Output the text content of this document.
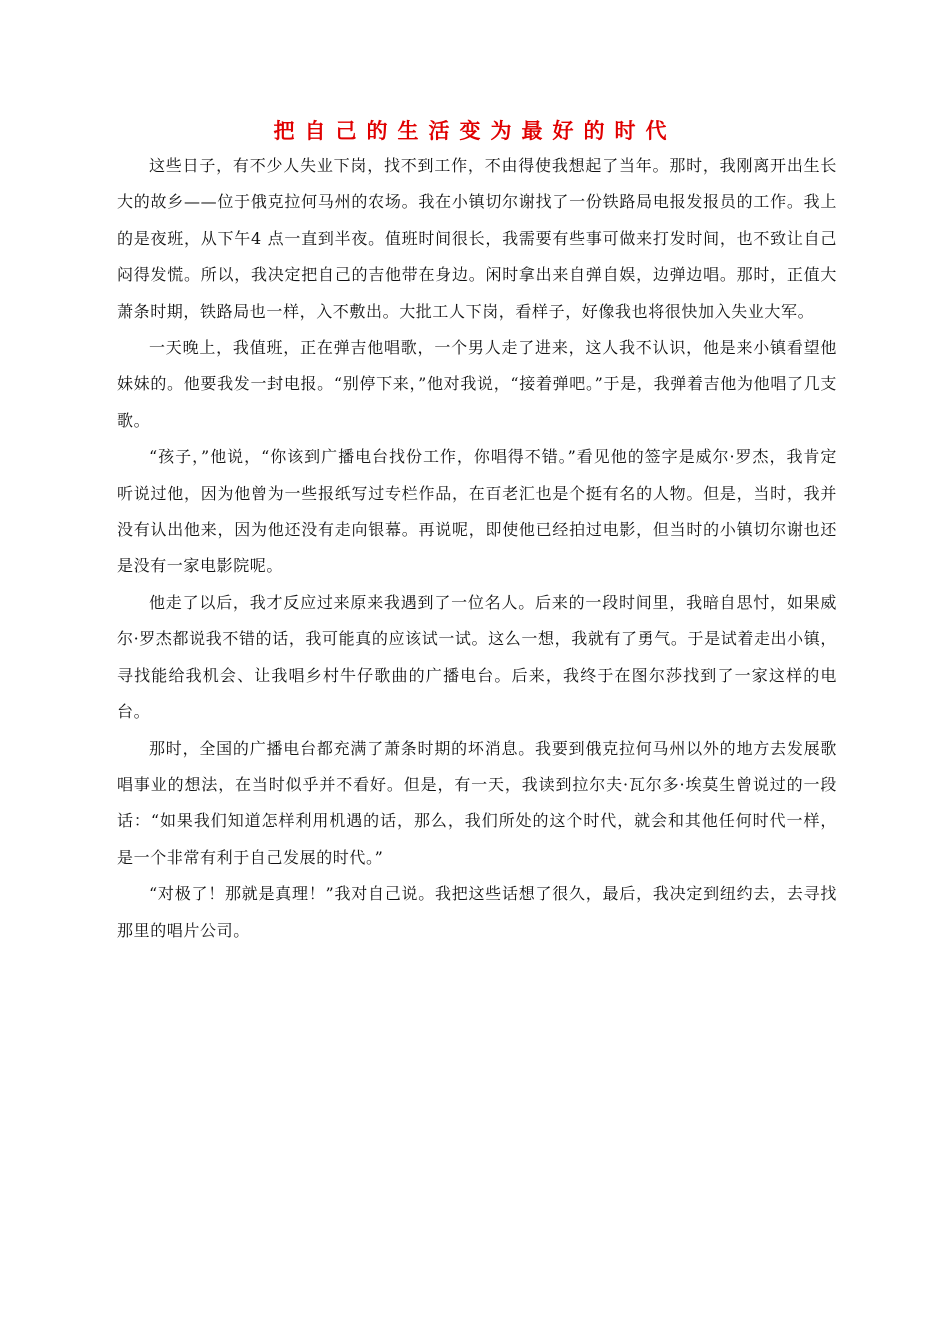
把自己的生活变为最好的时代

这些日子，有不少人失业下岗，找不到工作，不由得使我想起了当年。那时，我刚离开出生长大的故乡——位于俄克拉何马州的农场。我在小镇切尔谢找了一份铁路局电报发报员的工作。我上的是夜班，从下午4 点一直到半夜。值班时间很长，我需要有些事可做来打发时间，也不致让自己闷得发慌。所以，我决定把自己的吉他带在身边。闲时拿出来自弹自娱，边弹边唱。那时，正值大萧条时期，铁路局也一样，入不敷出。大批工人下岗，看样子，好像我也将很快加入失业大军。

一天晚上，我值班，正在弹吉他唱歌，一个男人走了进来，这人我不认识，他是来小镇看望他妹妹的。他要我发一封电报。“别停下来，”他对我说，“接着弹吧。”于是，我弹着吉他为他唱了几支歌。

“孩子，”他说，“你该到广播电台找份工作，你唱得不错。”看见他的签字是威尔·罗杰，我肯定听说过他，因为他曾为一些报纸写过专栏作品，在百老汇也是个挺有名的人物。但是，当时，我并没有认出他来，因为他还没有走向银幕。再说呢，即使他已经拍过电影，但当时的小镇切尔谢也还是没有一家电影院呢。

他走了以后，我才反应过来原来我遇到了一位名人。后来的一段时间里，我暗自思忖，如果威尔·罗杰都说我不错的话，我可能真的应该试一试。这么一想，我就有了勇气。于是试着走出小镇，寻找能给我机会、让我唱乡村牛仔歌曲的广播电台。后来，我终于在图尔莎找到了一家这样的电台。

那时，全国的广播电台都充满了萧条时期的坏消息。我要到俄克拉何马州以外的地方去发展歌唱事业的想法，在当时似乎并不看好。但是，有一天，我读到拉尔夫·瓦尔多·埃莫生曾说过的一段话：“如果我们知道怎样利用机遇的话，那么，我们所处的这个时代，就会和其他任何时代一样，是一个非常有利于自己发展的时代。”

“对极了！那就是真理！”我对自己说。我把这些话想了很久，最后，我决定到纽约去，去寻找那里的唱片公司。
